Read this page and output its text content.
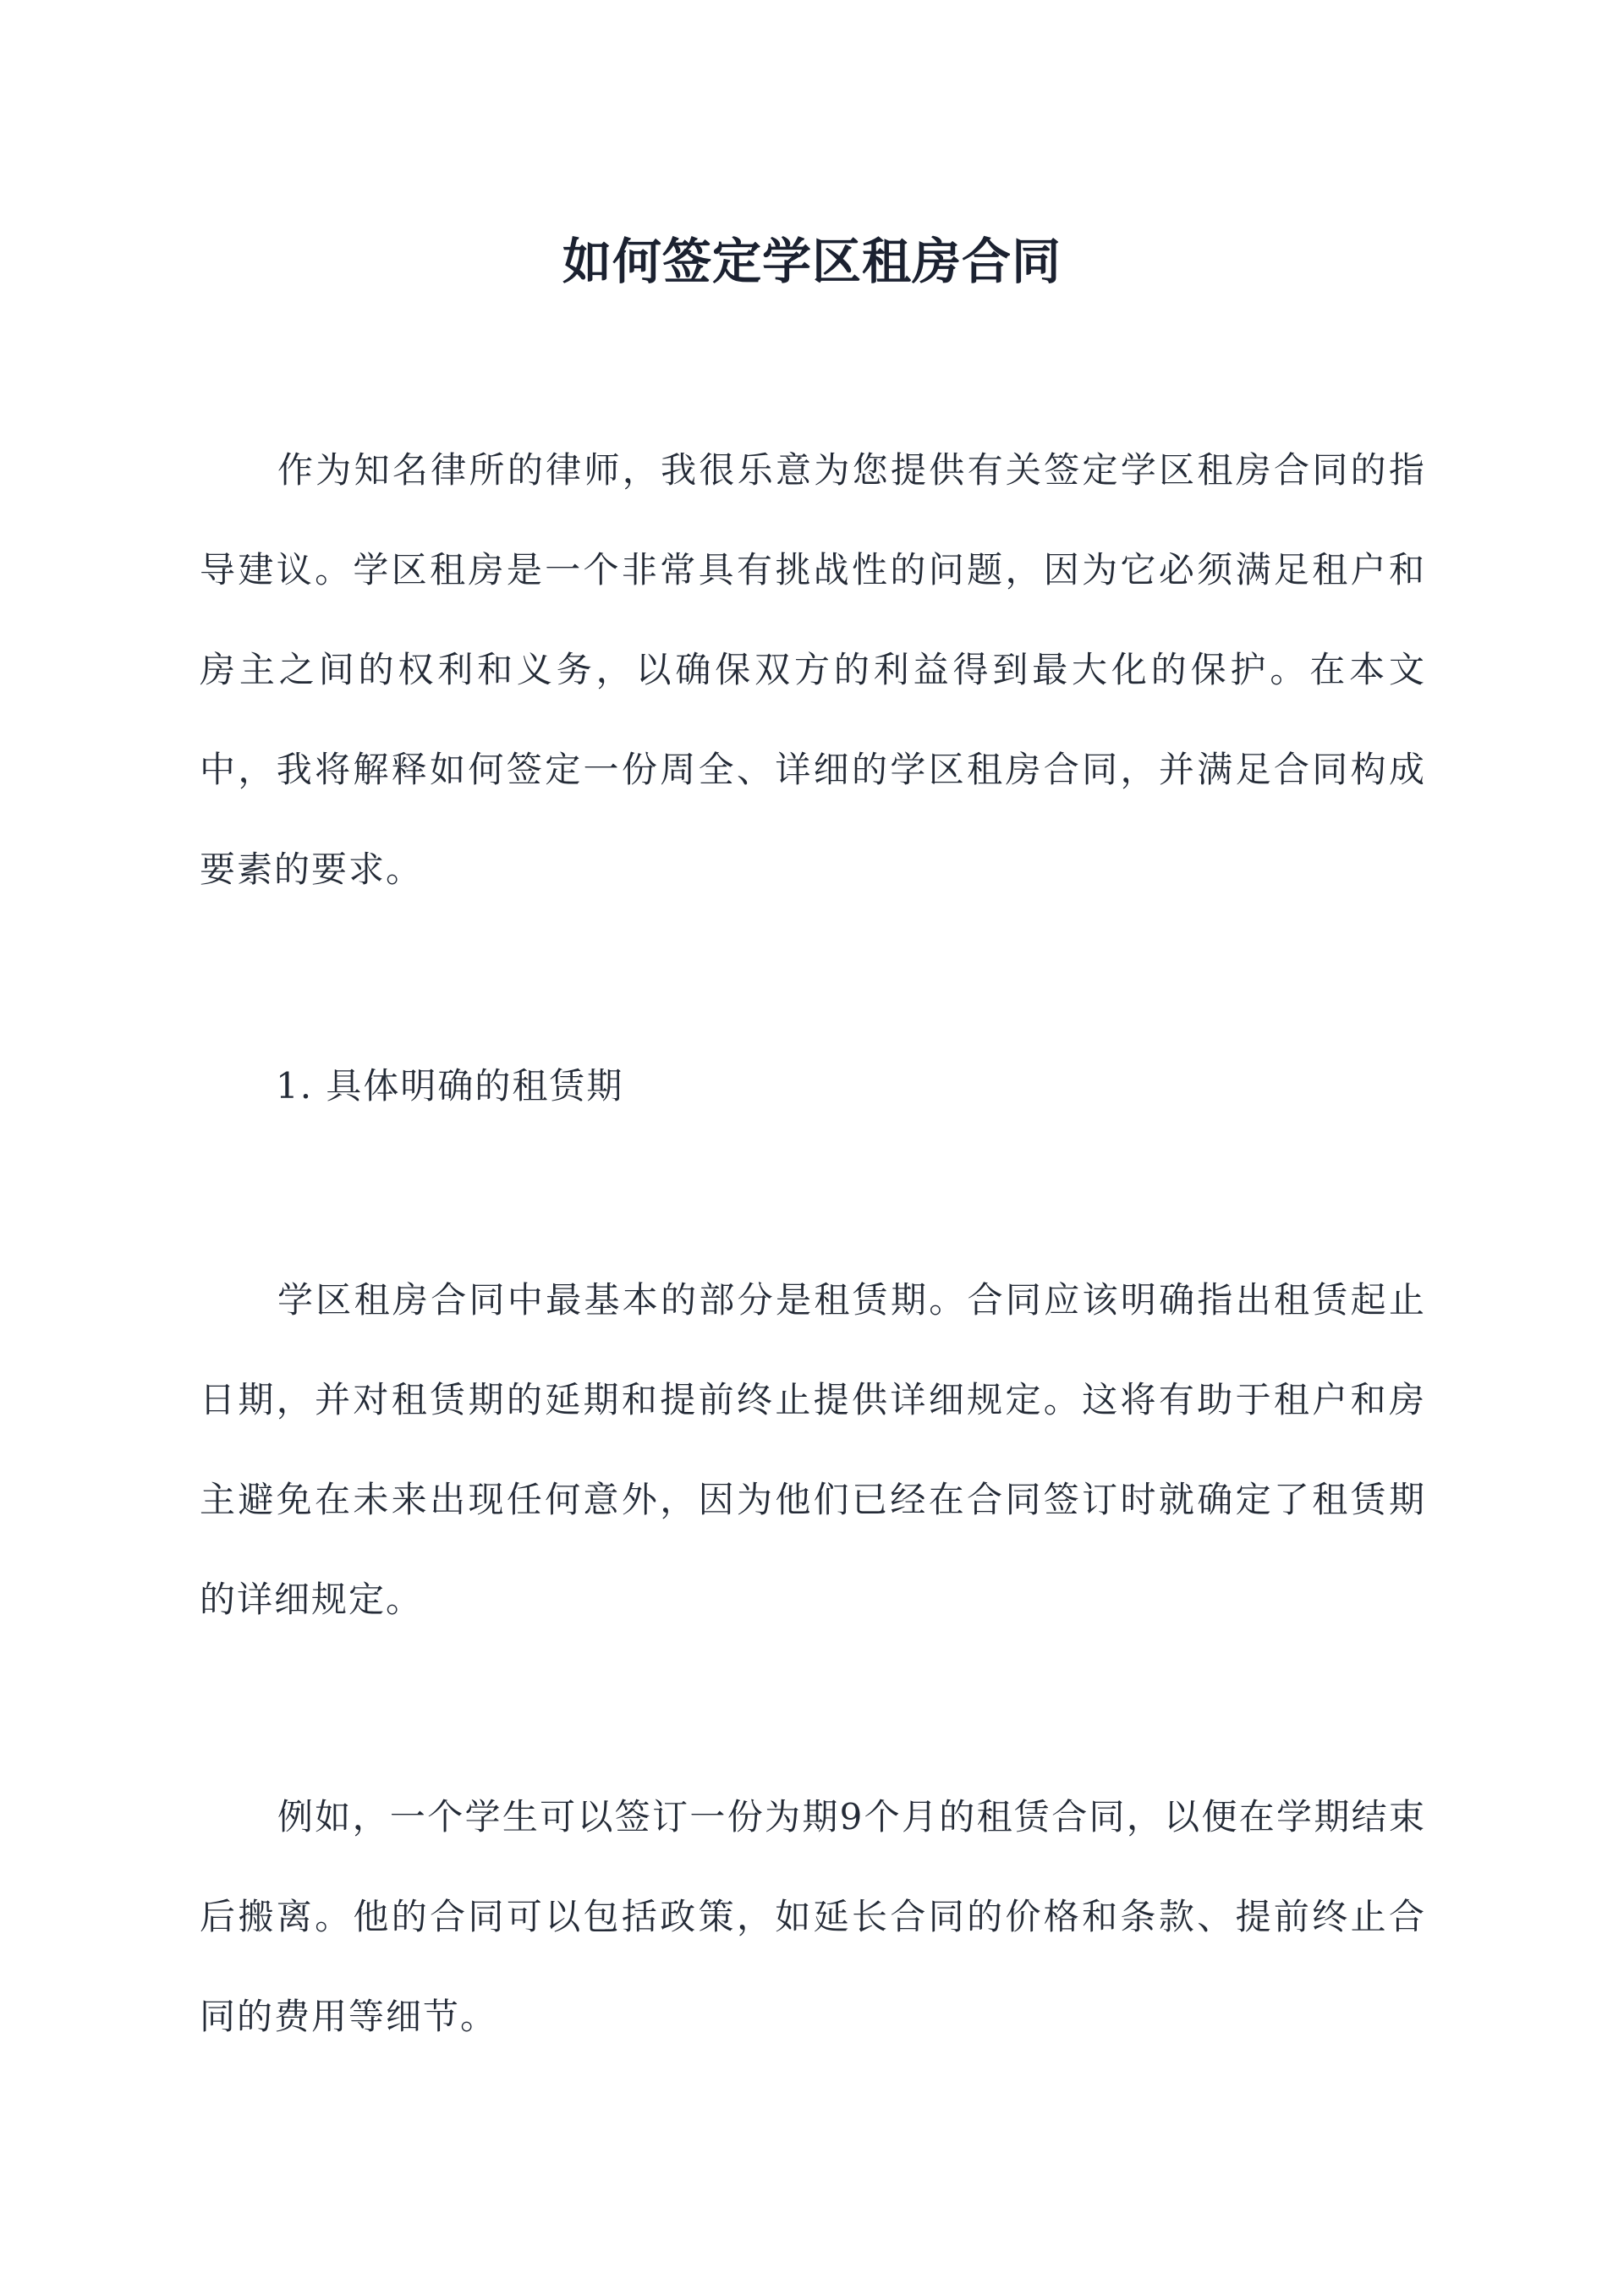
如何签定学区租房合同

作为知名律所的律师，我很乐意为您提供有关签定学区租房合同的指导建议。学区租房是一个非常具有挑战性的问题，因为它必须满足租户和房主之间的权利和义务，以确保双方的利益得到最大化的保护。在本文中，我将解释如何签定一份周全、详细的学区租房合同，并满足合同构成要素的要求。

1. 具体明确的租赁期

学区租房合同中最基本的部分是租赁期。合同应该明确指出租赁起止日期，并对租赁期的延期和提前终止提供详细规定。这将有助于租户和房主避免在未来出现任何意外，因为他们已经在合同签订时就确定了租赁期的详细规定。

例如，一个学生可以签订一份为期9个月的租赁合同，以便在学期结束后搬离。他的合同可以包括政策，如延长合同的价格和条款、提前终止合同的费用等细节。
